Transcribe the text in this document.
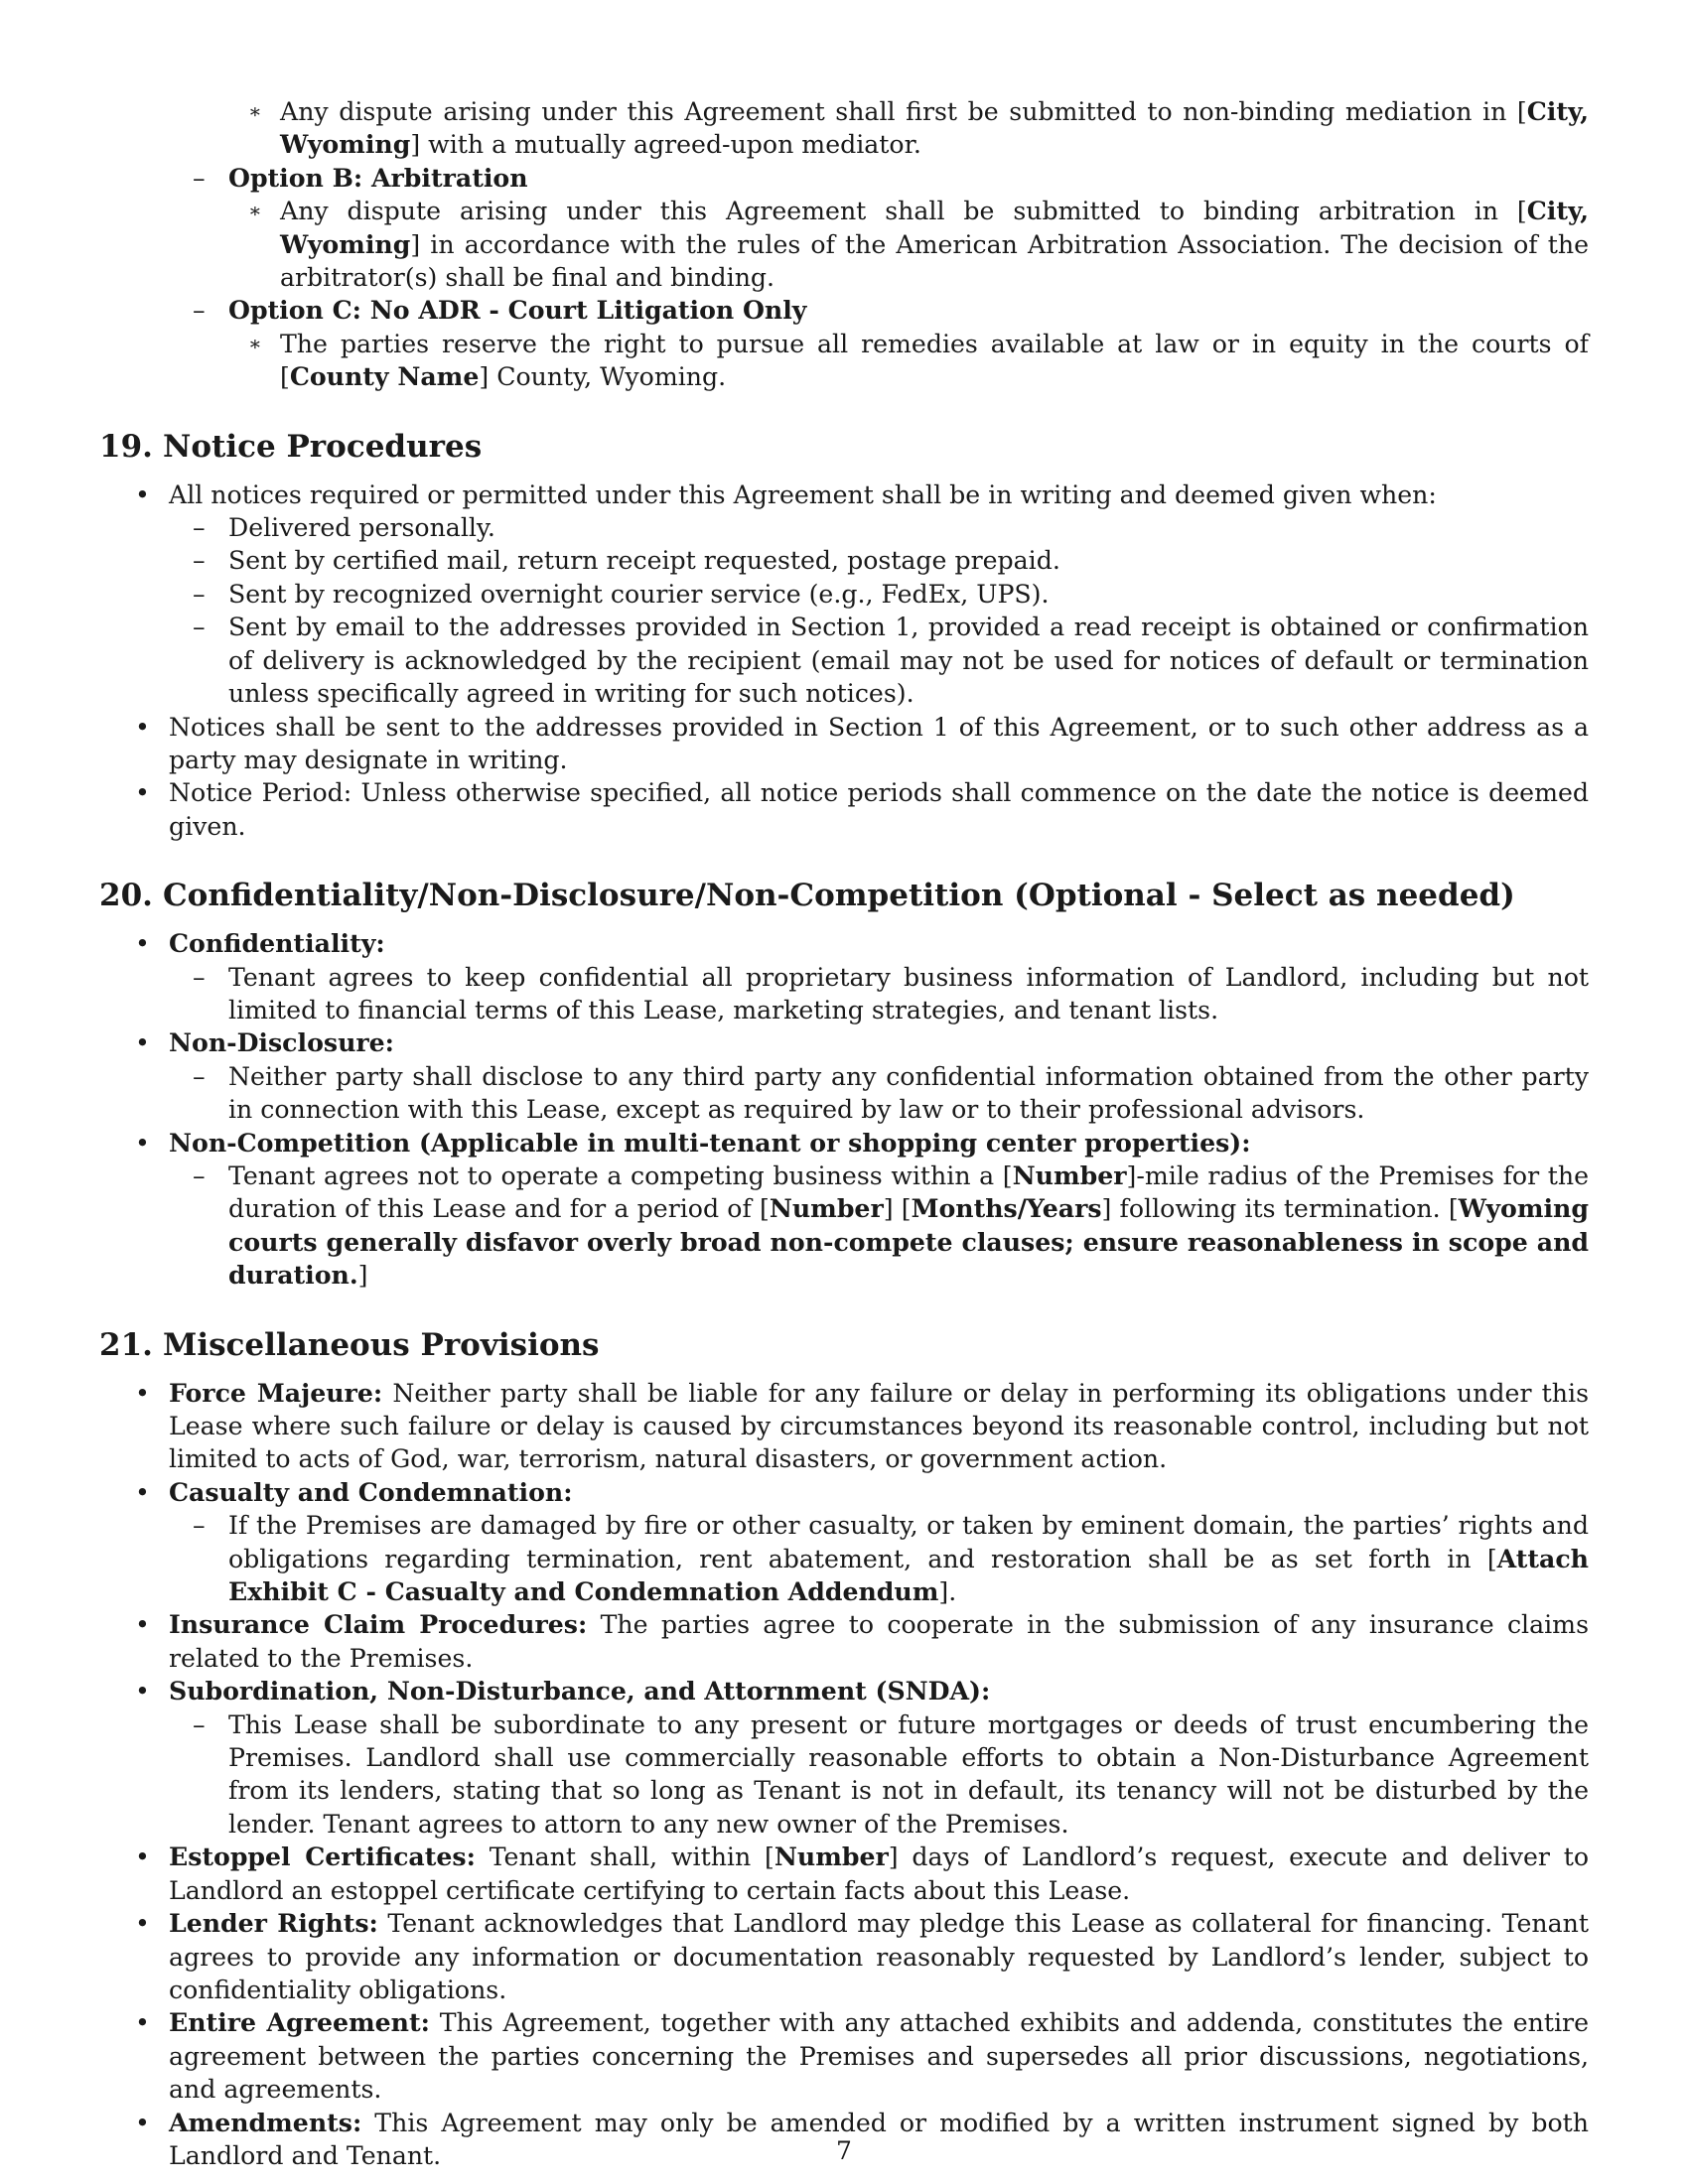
∗ Any dispute arising under this Agreement shall first be submitted to non-binding mediation in [City, Wyoming] with a mutually agreed-upon mediator.

– Option B: Arbitration

∗ Any dispute arising under this Agreement shall be submitted to binding arbitration in [City, Wyoming] in accordance with the rules of the American Arbitration Association. The decision of the arbitrator(s) shall be final and binding.

– Option C: No ADR - Court Litigation Only

∗ The parties reserve the right to pursue all remedies available at law or in equity in the courts of [County Name] County, Wyoming.

19. Notice Procedures

• All notices required or permitted under this Agreement shall be in writing and deemed given when:

– Delivered personally.

– Sent by certified mail, return receipt requested, postage prepaid.

– Sent by recognized overnight courier service (e.g., FedEx, UPS).

– Sent by email to the addresses provided in Section 1, provided a read receipt is obtained or confirmation of delivery is acknowledged by the recipient (email may not be used for notices of default or termination unless specifically agreed in writing for such notices).

• Notices shall be sent to the addresses provided in Section 1 of this Agreement, or to such other address as a party may designate in writing.

• Notice Period: Unless otherwise specified, all notice periods shall commence on the date the notice is deemed given.

20. Confidentiality/Non-Disclosure/Non-Competition (Optional - Select as needed)

• Confidentiality:

– Tenant agrees to keep confidential all proprietary business information of Landlord, including but not limited to financial terms of this Lease, marketing strategies, and tenant lists.

• Non-Disclosure:

– Neither party shall disclose to any third party any confidential information obtained from the other party in connection with this Lease, except as required by law or to their professional advisors.

• Non-Competition (Applicable in multi-tenant or shopping center properties):

– Tenant agrees not to operate a competing business within a [Number]-mile radius of the Premises for the duration of this Lease and for a period of [Number] [Months/Years] following its termination. [Wyoming courts generally disfavor overly broad non-compete clauses; ensure reasonableness in scope and duration.]

21. Miscellaneous Provisions

• Force Majeure: Neither party shall be liable for any failure or delay in performing its obligations under this Lease where such failure or delay is caused by circumstances beyond its reasonable control, including but not limited to acts of God, war, terrorism, natural disasters, or government action.

• Casualty and Condemnation:

– If the Premises are damaged by fire or other casualty, or taken by eminent domain, the parties’ rights and obligations regarding termination, rent abatement, and restoration shall be as set forth in [Attach Exhibit C - Casualty and Condemnation Addendum].

• Insurance Claim Procedures: The parties agree to cooperate in the submission of any insurance claims related to the Premises.

• Subordination, Non-Disturbance, and Attornment (SNDA):

– This Lease shall be subordinate to any present or future mortgages or deeds of trust encumbering the Premises. Landlord shall use commercially reasonable efforts to obtain a Non-Disturbance Agreement from its lenders, stating that so long as Tenant is not in default, its tenancy will not be disturbed by the lender. Tenant agrees to attorn to any new owner of the Premises.

• Estoppel Certificates: Tenant shall, within [Number] days of Landlord’s request, execute and deliver to Landlord an estoppel certificate certifying to certain facts about this Lease.

• Lender Rights: Tenant acknowledges that Landlord may pledge this Lease as collateral for financing. Tenant agrees to provide any information or documentation reasonably requested by Landlord’s lender, subject to confidentiality obligations.

• Entire Agreement: This Agreement, together with any attached exhibits and addenda, constitutes the entire agreement between the parties concerning the Premises and supersedes all prior discussions, negotiations, and agreements.

• Amendments: This Agreement may only be amended or modified by a written instrument signed by both Landlord and Tenant.	7
